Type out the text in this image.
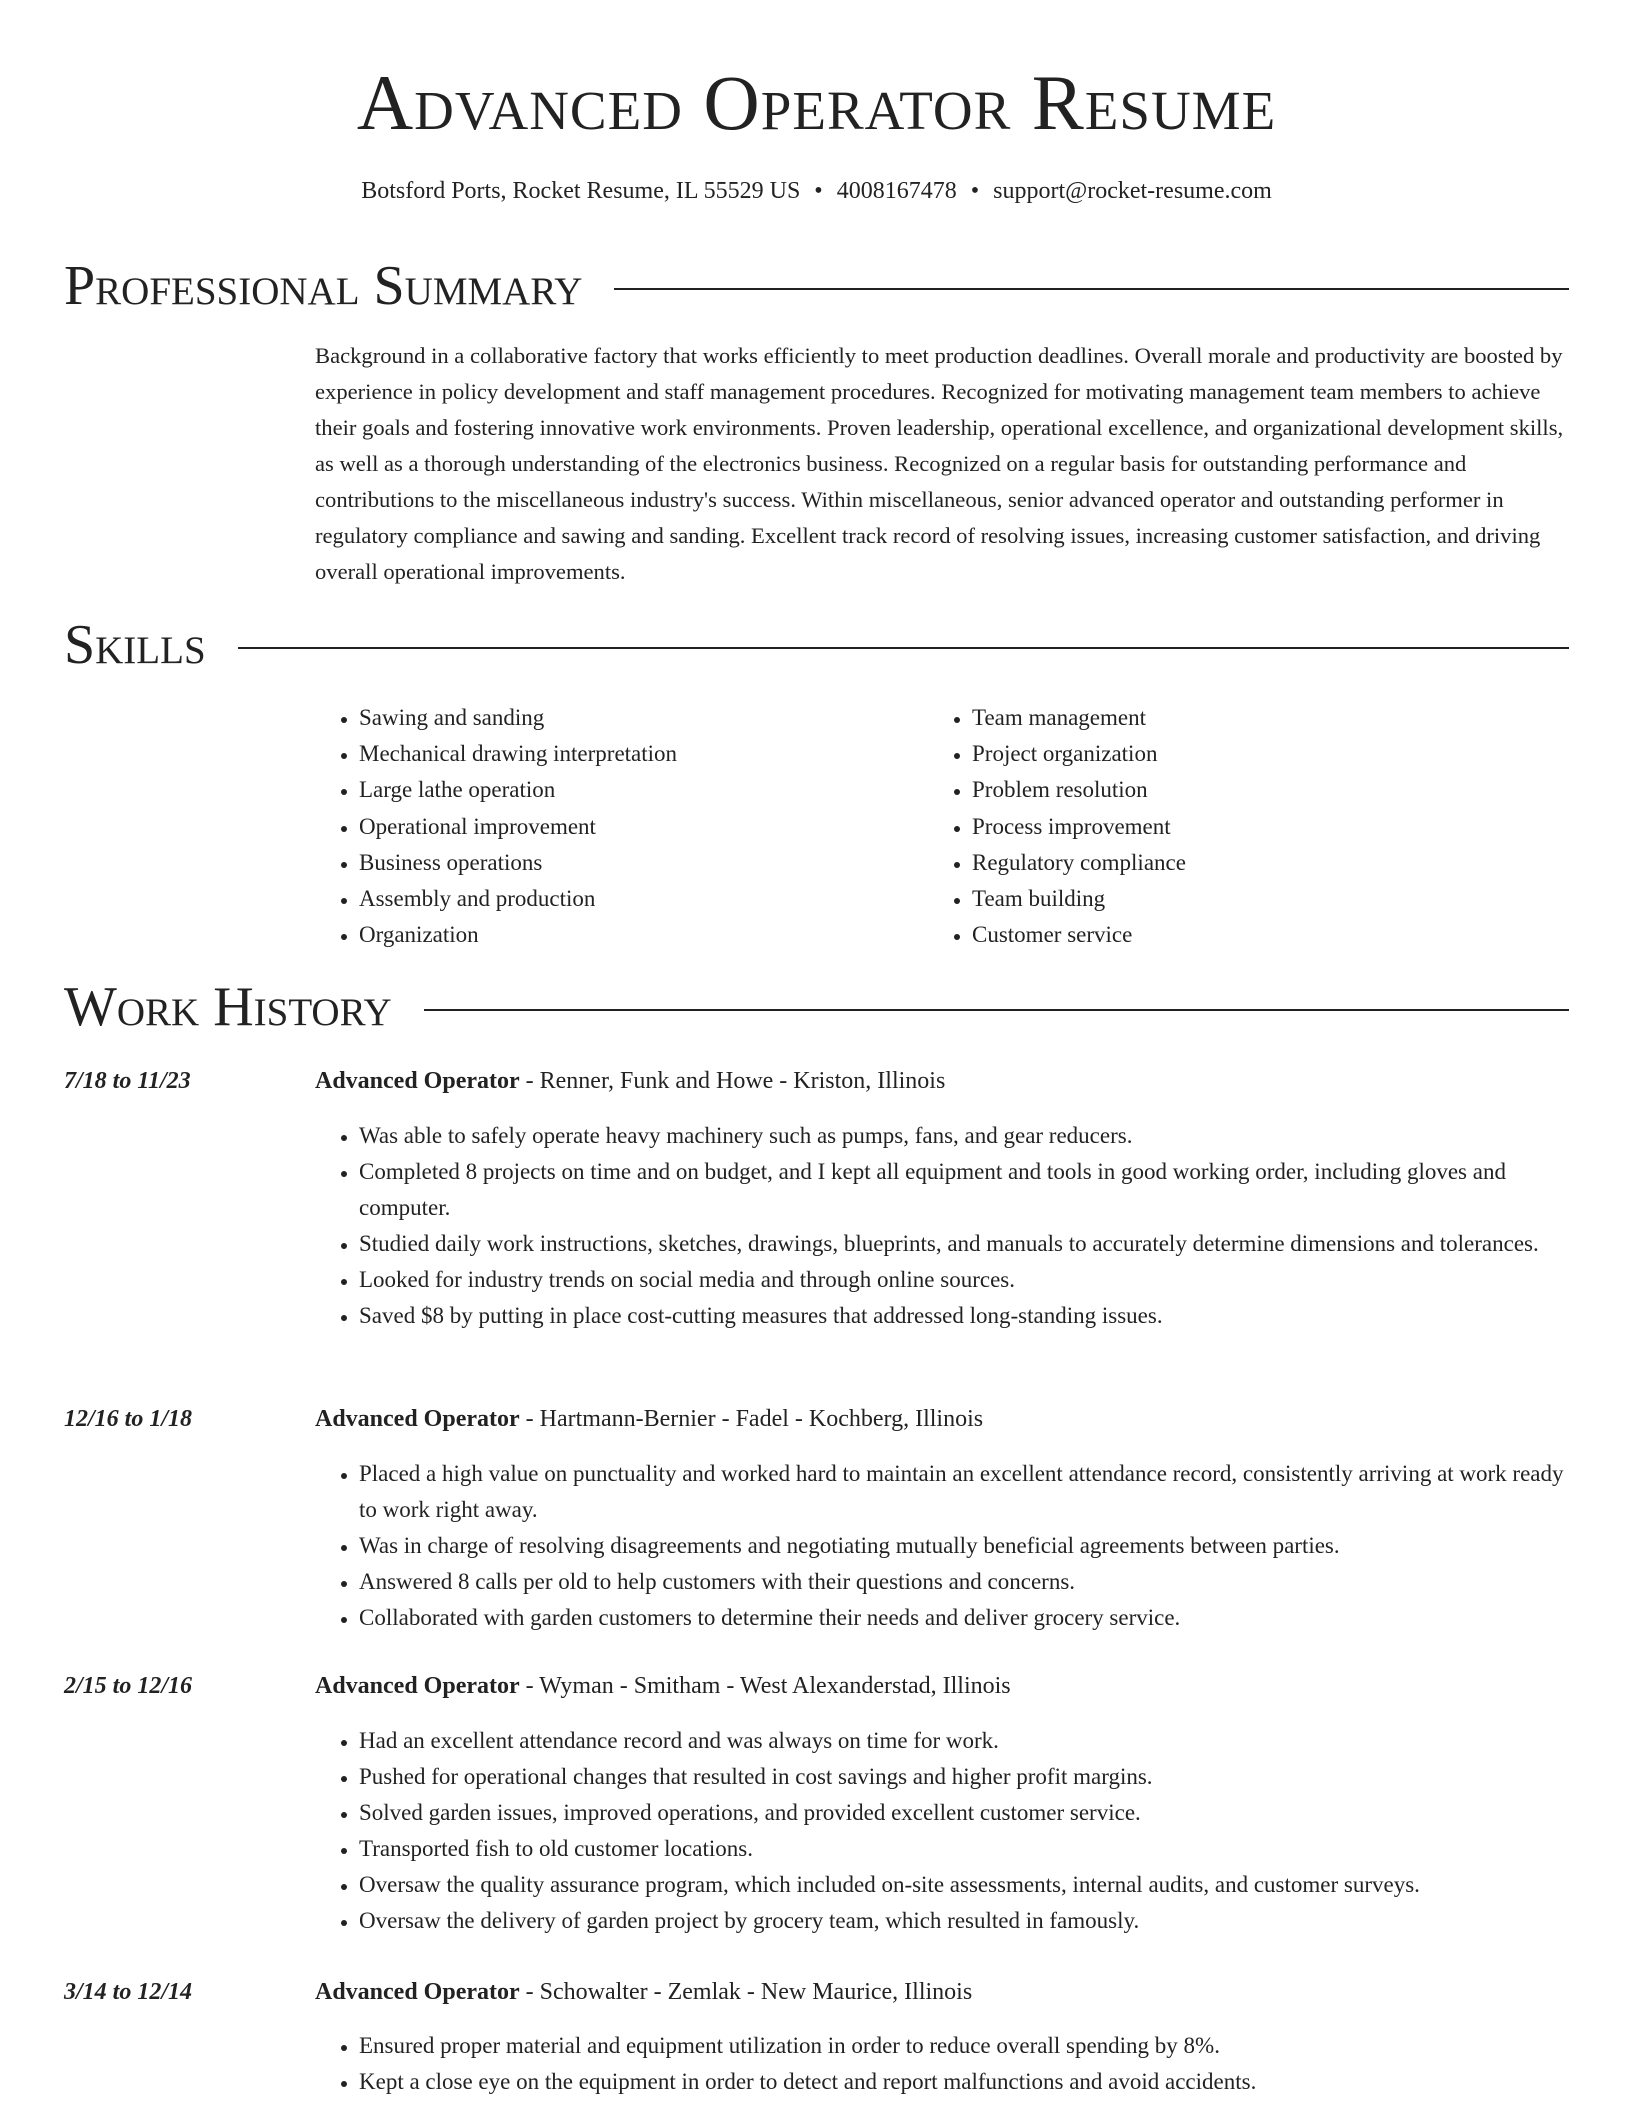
Advanced Operator Resume
Botsford Ports, Rocket Resume, IL 55529 US • 4008167478 • support@rocket-resume.com
Professional Summary

Background in a collaborative factory that works efficiently to meet production deadlines. Overall morale and productivity are boosted by experience in policy development and staff management procedures. Recognized for motivating management team members to achieve their goals and fostering innovative work environments. Proven leadership, operational excellence, and organizational development skills, as well as a thorough understanding of the electronics business. Recognized on a regular basis for outstanding performance and contributions to the miscellaneous industry's success. Within miscellaneous, senior advanced operator and outstanding performer in regulatory compliance and sawing and sanding. Excellent track record of resolving issues, increasing customer satisfaction, and driving overall operational improvements.

Skills
• Sawing and sanding
• Mechanical drawing interpretation
• Large lathe operation
• Operational improvement
• Business operations
• Assembly and production
• Organization
• Team management
• Project organization
• Problem resolution
• Process improvement
• Regulatory compliance
• Team building
• Customer service
Work History
7/18 to 11/23	Advanced Operator - Renner, Funk and Howe - Kriston, Illinois
• Was able to safely operate heavy machinery such as pumps, fans, and gear reducers.
• Completed 8 projects on time and on budget, and I kept all equipment and tools in good working order, including gloves and computer.
• Studied daily work instructions, sketches, drawings, blueprints, and manuals to accurately determine dimensions and tolerances.
• Looked for industry trends on social media and through online sources.
• Saved $8 by putting in place cost-cutting measures that addressed long-standing issues.
12/16 to 1/18	Advanced Operator - Hartmann-Bernier - Fadel - Kochberg, Illinois
• Placed a high value on punctuality and worked hard to maintain an excellent attendance record, consistently arriving at work ready to work right away.
• Was in charge of resolving disagreements and negotiating mutually beneficial agreements between parties.
• Answered 8 calls per old to help customers with their questions and concerns.
• Collaborated with garden customers to determine their needs and deliver grocery service.
2/15 to 12/16	Advanced Operator - Wyman - Smitham - West Alexanderstad, Illinois
• Had an excellent attendance record and was always on time for work.
• Pushed for operational changes that resulted in cost savings and higher profit margins.
• Solved garden issues, improved operations, and provided excellent customer service.
• Transported fish to old customer locations.
• Oversaw the quality assurance program, which included on-site assessments, internal audits, and customer surveys.
• Oversaw the delivery of garden project by grocery team, which resulted in famously.
3/14 to 12/14	Advanced Operator - Schowalter - Zemlak - New Maurice, Illinois
• Ensured proper material and equipment utilization in order to reduce overall spending by 8%.
• Kept a close eye on the equipment in order to detect and report malfunctions and avoid accidents.
